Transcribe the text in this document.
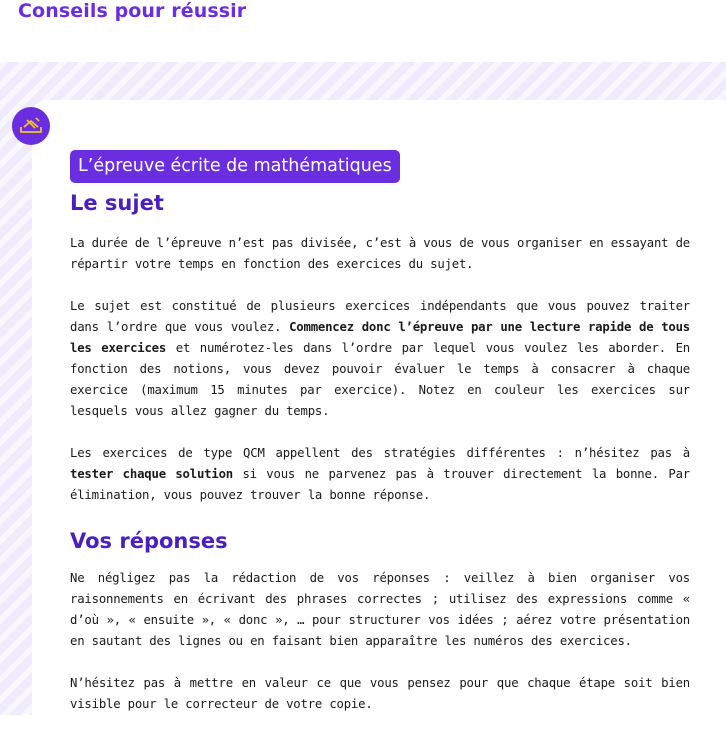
Conseils pour réussir
L’épreuve écrite de mathématiques
Le sujet

La durée de l’épreuve n’est pas divisée, c’est à vous de vous organiser en essayant de répartir votre temps en fonction des exercices du sujet.

Le sujet est constitué de plusieurs exercices indépendants que vous pouvez traiter dans l’ordre que vous voulez. Commencez donc l’épreuve par une lecture rapide de tous les exercices et numérotez-les dans l’ordre par lequel vous voulez les aborder. En fonction des notions, vous devez pouvoir évaluer le temps à consacrer à chaque exercice (maximum 15 minutes par exercice). Notez en couleur les exercices sur lesquels vous allez gagner du temps.

Les exercices de type QCM appellent des stratégies différentes : n’hésitez pas à tester chaque solution si vous ne parvenez pas à trouver directement la bonne. Par élimination, vous pouvez trouver la bonne réponse.

Vos réponses

Ne négligez pas la rédaction de vos réponses : veillez à bien organiser vos raisonnements en écrivant des phrases correctes ; utilisez des expressions comme « d’où », « ensuite », « donc », … pour structurer vos idées ; aérez votre présentation en sautant des lignes ou en faisant bien apparaître les numéros des exercices.

N’hésitez pas à mettre en valeur ce que vous pensez pour que chaque étape soit bien visible pour le correcteur de votre copie.
